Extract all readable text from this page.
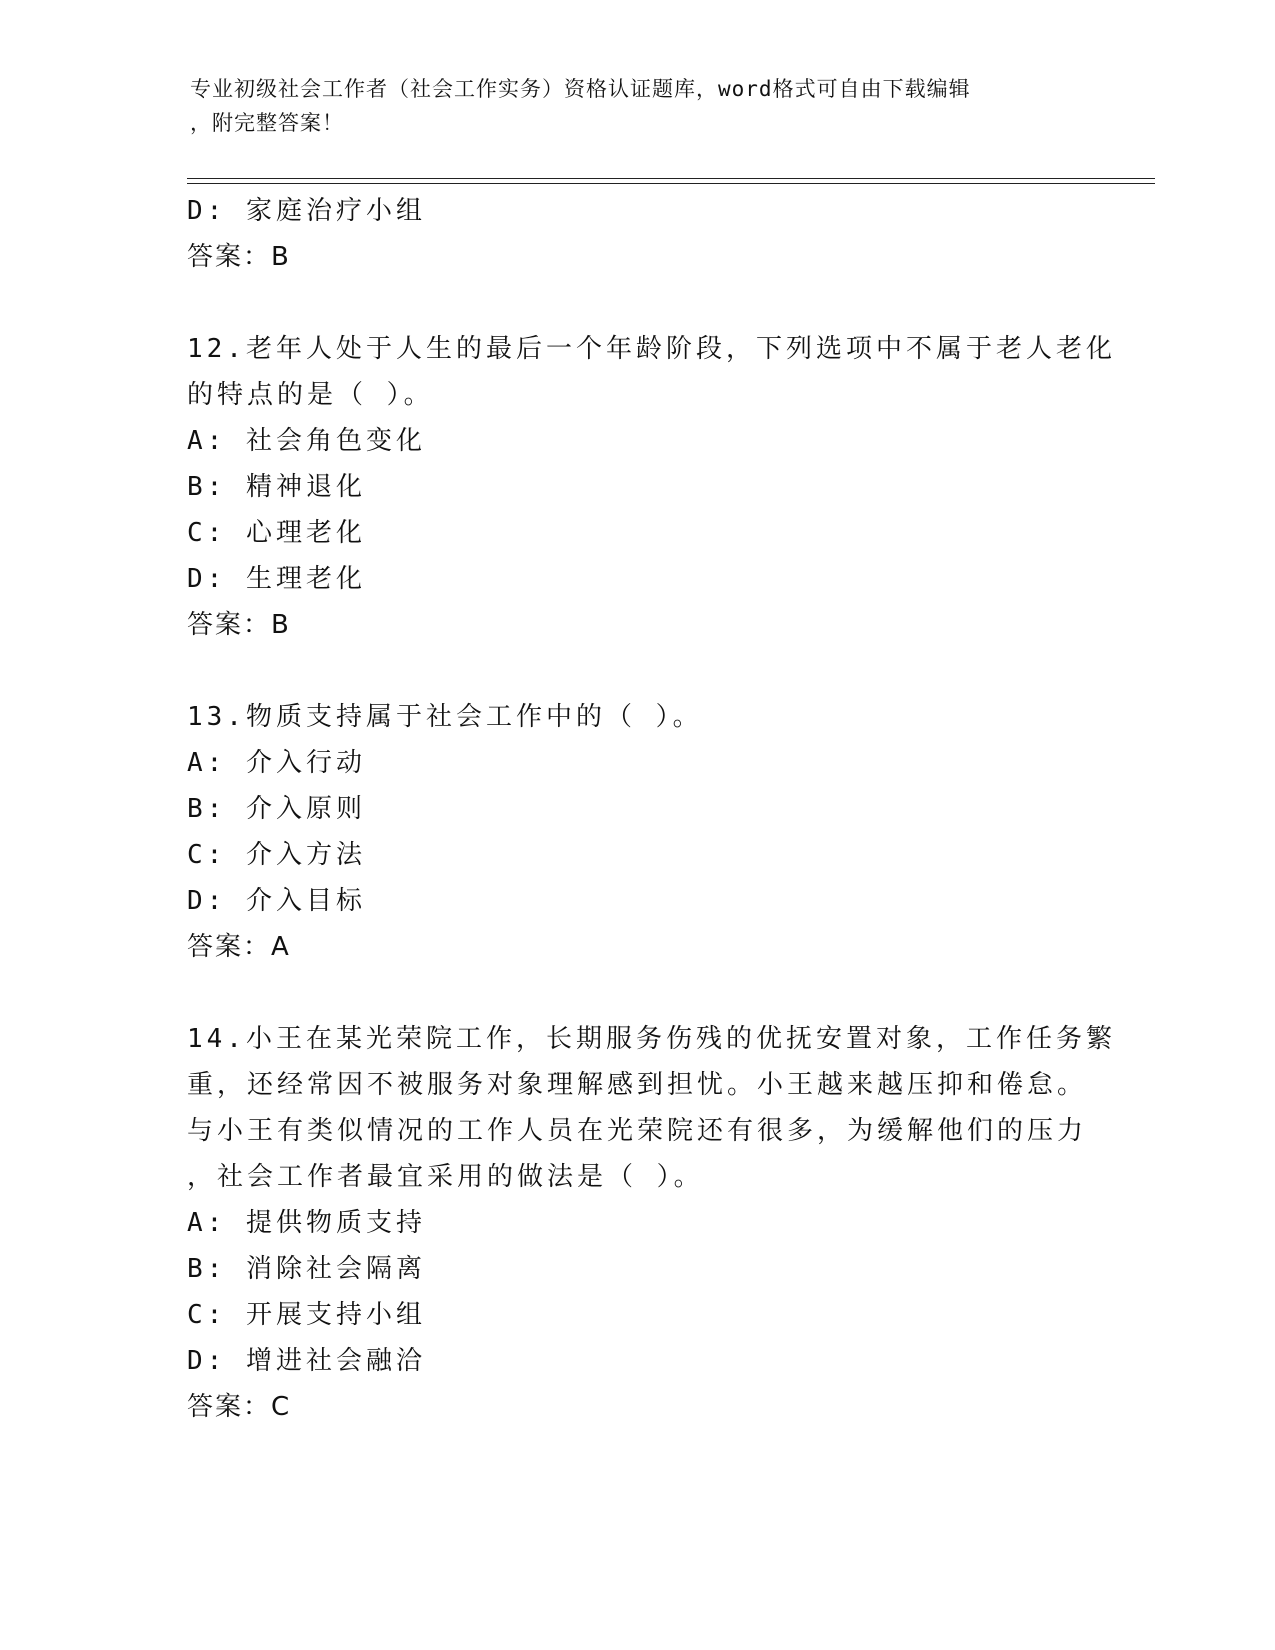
专业初级社会工作者（社会工作实务）资格认证题库，word格式可自由下载编辑
，附完整答案！
D: 家庭治疗小组
答案：B
12.老年人处于人生的最后一个年龄阶段，下列选项中不属于老人老化
的特点的是（ ）。
A: 社会角色变化
B: 精神退化
C: 心理老化
D: 生理老化
答案：B
13.物质支持属于社会工作中的（ ）。
A: 介入行动
B: 介入原则
C: 介入方法
D: 介入目标
答案：A
14.小王在某光荣院工作，长期服务伤残的优抚安置对象，工作任务繁
重，还经常因不被服务对象理解感到担忧。小王越来越压抑和倦怠。
与小王有类似情况的工作人员在光荣院还有很多，为缓解他们的压力
，社会工作者最宜采用的做法是（ ）。
A: 提供物质支持
B: 消除社会隔离
C: 开展支持小组
D: 增进社会融洽
答案：C
